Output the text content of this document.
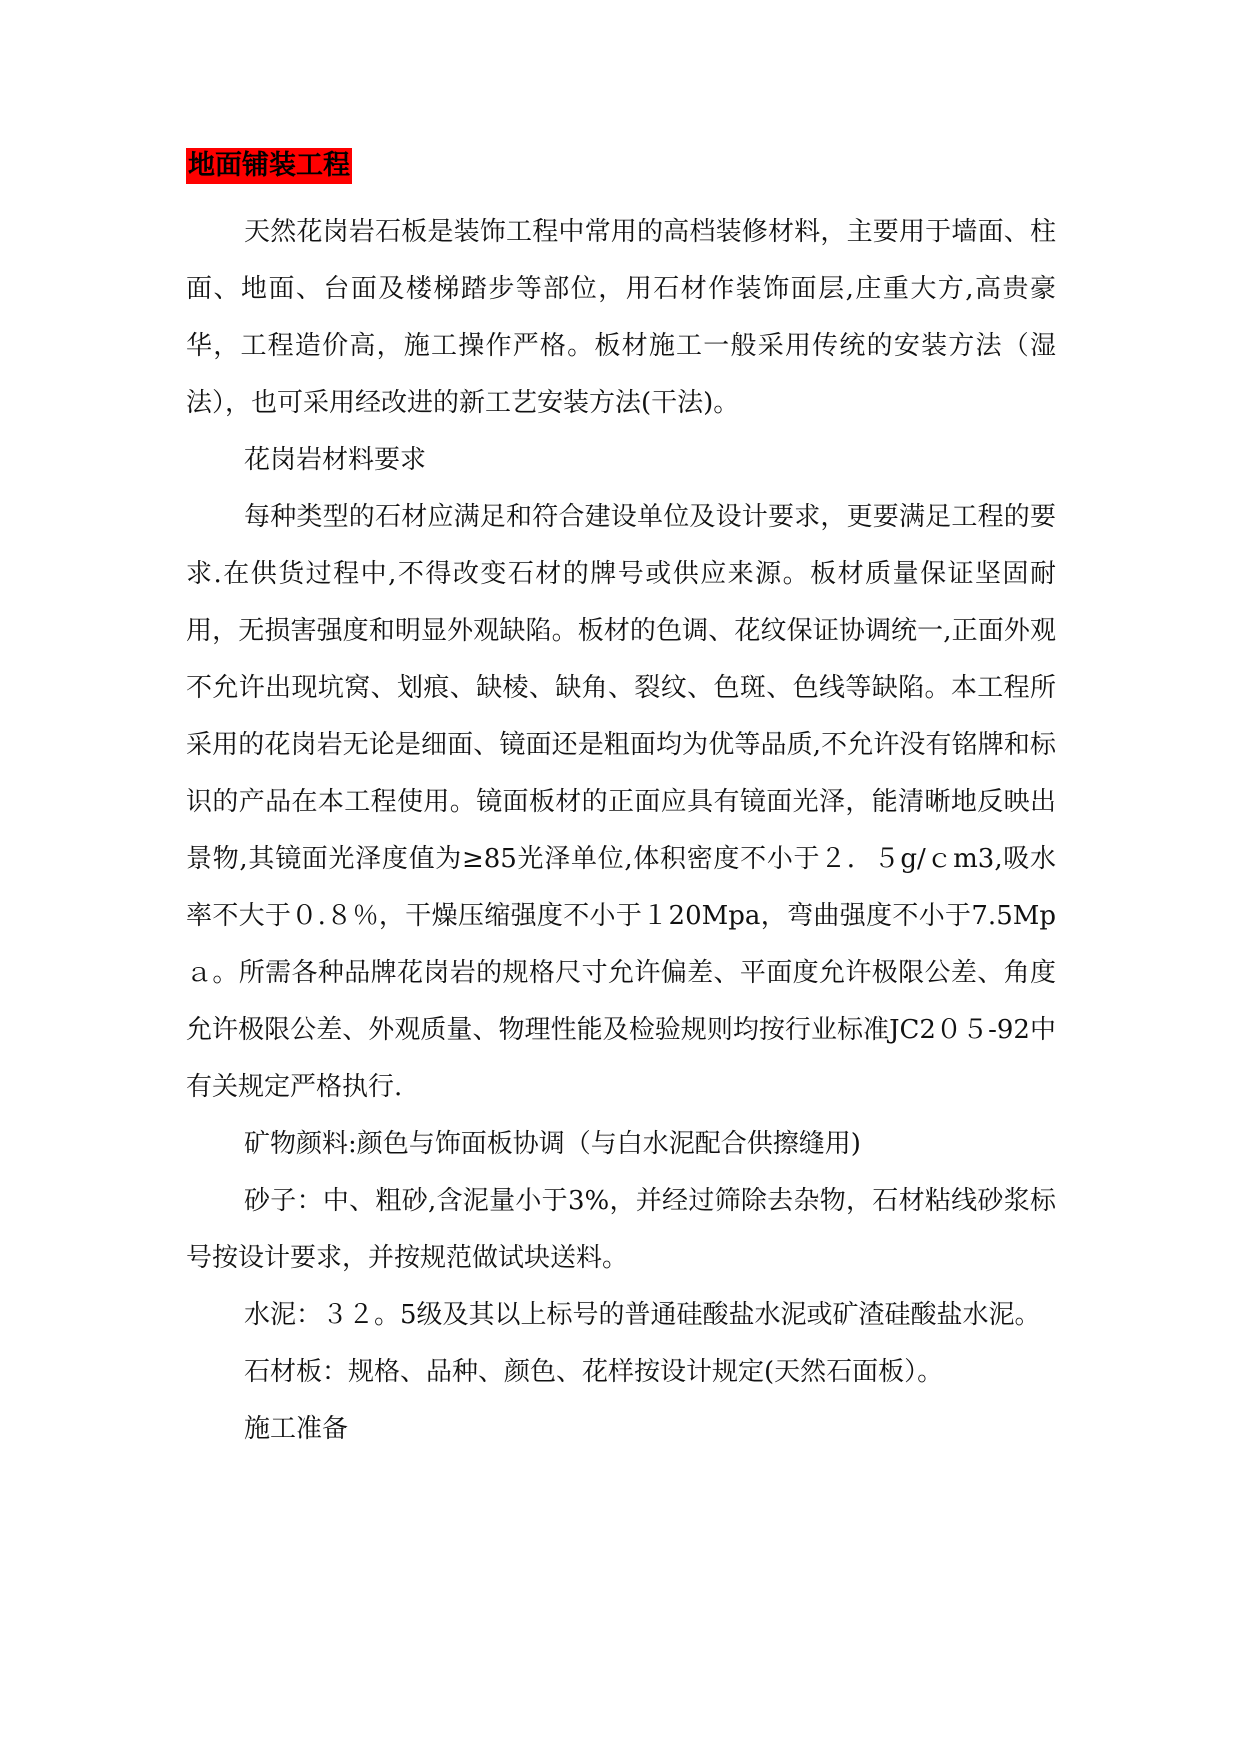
地面铺装工程

天然花岗岩石板是装饰工程中常用的高档装修材料，主要用于墙面、柱面、地面、台面及楼梯踏步等部位，用石材作装饰面层,庄重大方,高贵豪华，工程造价高，施工操作严格。板材施工一般采用传统的安装方法（湿法），也可采用经改进的新工艺安装方法(干法)。

花岗岩材料要求

每种类型的石材应满足和符合建设单位及设计要求，更要满足工程的要求.在供货过程中,不得改变石材的牌号或供应来源。板材质量保证坚固耐用，无损害强度和明显外观缺陷。板材的色调、花纹保证协调统一,正面外观不允许出现坑窝、划痕、缺棱、缺角、裂纹、色斑、色线等缺陷。本工程所采用的花岗岩无论是细面、镜面还是粗面均为优等品质,不允许没有铭牌和标识的产品在本工程使用。镜面板材的正面应具有镜面光泽，能清晰地反映出景物,其镜面光泽度值为≥85光泽单位,体积密度不小于２．５g/ｃm3,吸水率不大于０.８％，干燥压缩强度不小于１20Mpa，弯曲强度不小于7.5Mpａ。所需各种品牌花岗岩的规格尺寸允许偏差、平面度允许极限公差、角度允许极限公差、外观质量、物理性能及检验规则均按行业标准JC2０５-92中有关规定严格执行.

矿物颜料:颜色与饰面板协调（与白水泥配合供擦缝用)

砂子：中、粗砂,含泥量小于3%，并经过筛除去杂物，石材粘线砂浆标号按设计要求，并按规范做试块送料。

水泥：３２。5级及其以上标号的普通硅酸盐水泥或矿渣硅酸盐水泥。

石材板：规格、品种、颜色、花样按设计规定(天然石面板）。

施工准备
